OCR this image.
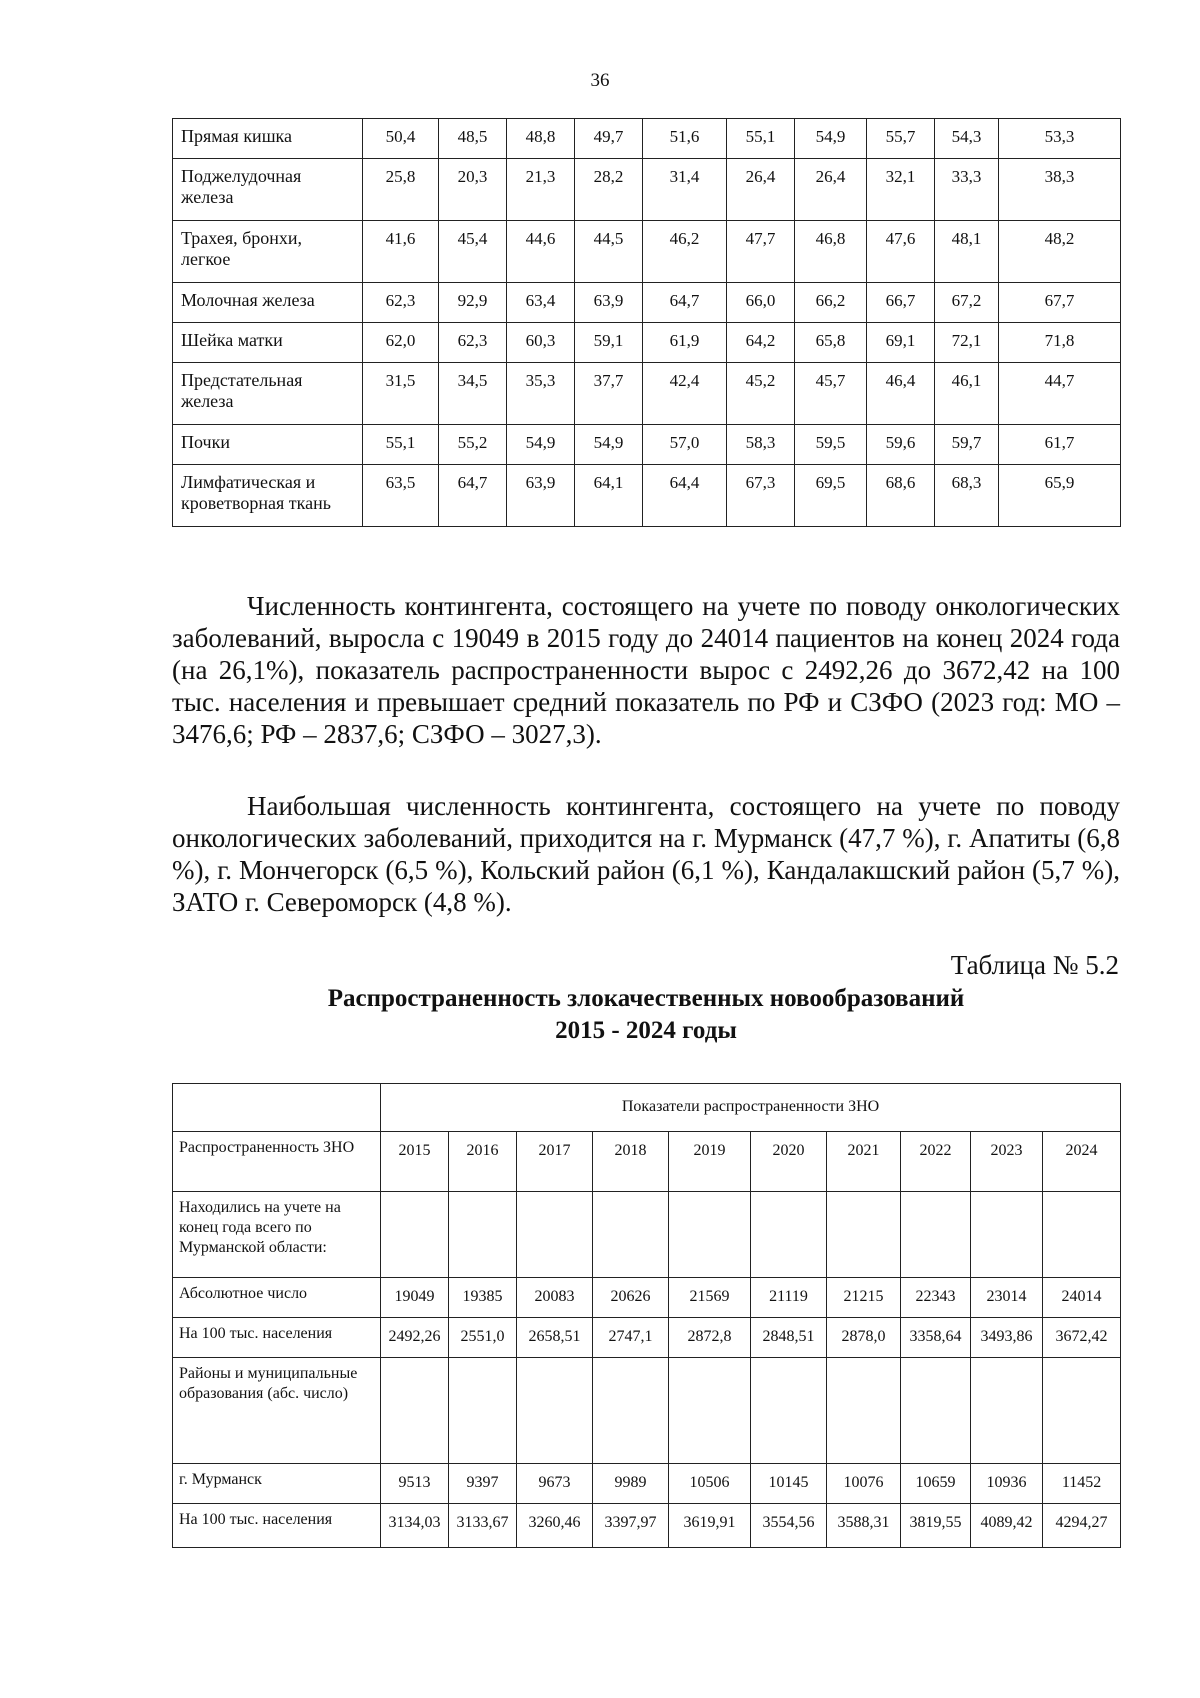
36
Прямая кишка	50,4	48,5	48,8	49,7	51,6	55,1	54,9	55,7	54,3	53,3
Поджелудочная железа	25,8	20,3	21,3	28,2	31,4	26,4	26,4	32,1	33,3	38,3
Трахея, бронхи, легкое	41,6	45,4	44,6	44,5	46,2	47,7	46,8	47,6	48,1	48,2
Молочная железа	62,3	92,9	63,4	63,9	64,7	66,0	66,2	66,7	67,2	67,7
Шейка матки	62,0	62,3	60,3	59,1	61,9	64,2	65,8	69,1	72,1	71,8
Предстательная железа	31,5	34,5	35,3	37,7	42,4	45,2	45,7	46,4	46,1	44,7
Почки	55,1	55,2	54,9	54,9	57,0	58,3	59,5	59,6	59,7	61,7
Лимфатическая и кроветворная ткань	63,5	64,7	63,9	64,1	64,4	67,3	69,5	68,6	68,3	65,9

Численность контингента, состоящего на учете по поводу онкологических заболеваний, выросла с 19049 в 2015 году до 24014 пациентов на конец 2024 года (на 26,1%), показатель распространенности вырос с 2492,26 до 3672,42 на 100 тыс. населения и превышает средний показатель по РФ и СЗФО (2023 год: МО – 3476,6; РФ – 2837,6; СЗФО – 3027,3).

Наибольшая численность контингента, состоящего на учете по поводу онкологических заболеваний, приходится на г. Мурманск (47,7 %), г. Апатиты (6,8 %), г. Мончегорск (6,5 %), Кольский район (6,1 %), Кандалакшский район (5,7 %), ЗАТО г. Североморск (4,8 %).

Таблица № 5.2
Распространенность злокачественных новообразований
2015 - 2024 годы
	Показатели распространенности ЗНО									
Распространенность ЗНО	2015	2016	2017	2018	2019	2020	2021	2022	2023	2024
Находились на учете на конец года всего по Мурманской области:										
Абсолютное число	19049	19385	20083	20626	21569	21119	21215	22343	23014	24014
На 100 тыс. населения	2492,26	2551,0	2658,51	2747,1	2872,8	2848,51	2878,0	3358,64	3493,86	3672,42
Районы и муниципальные образования (абс. число)										
г. Мурманск	9513	9397	9673	9989	10506	10145	10076	10659	10936	11452
На 100 тыс. населения	3134,03	3133,67	3260,46	3397,97	3619,91	3554,56	3588,31	3819,55	4089,42	4294,27
